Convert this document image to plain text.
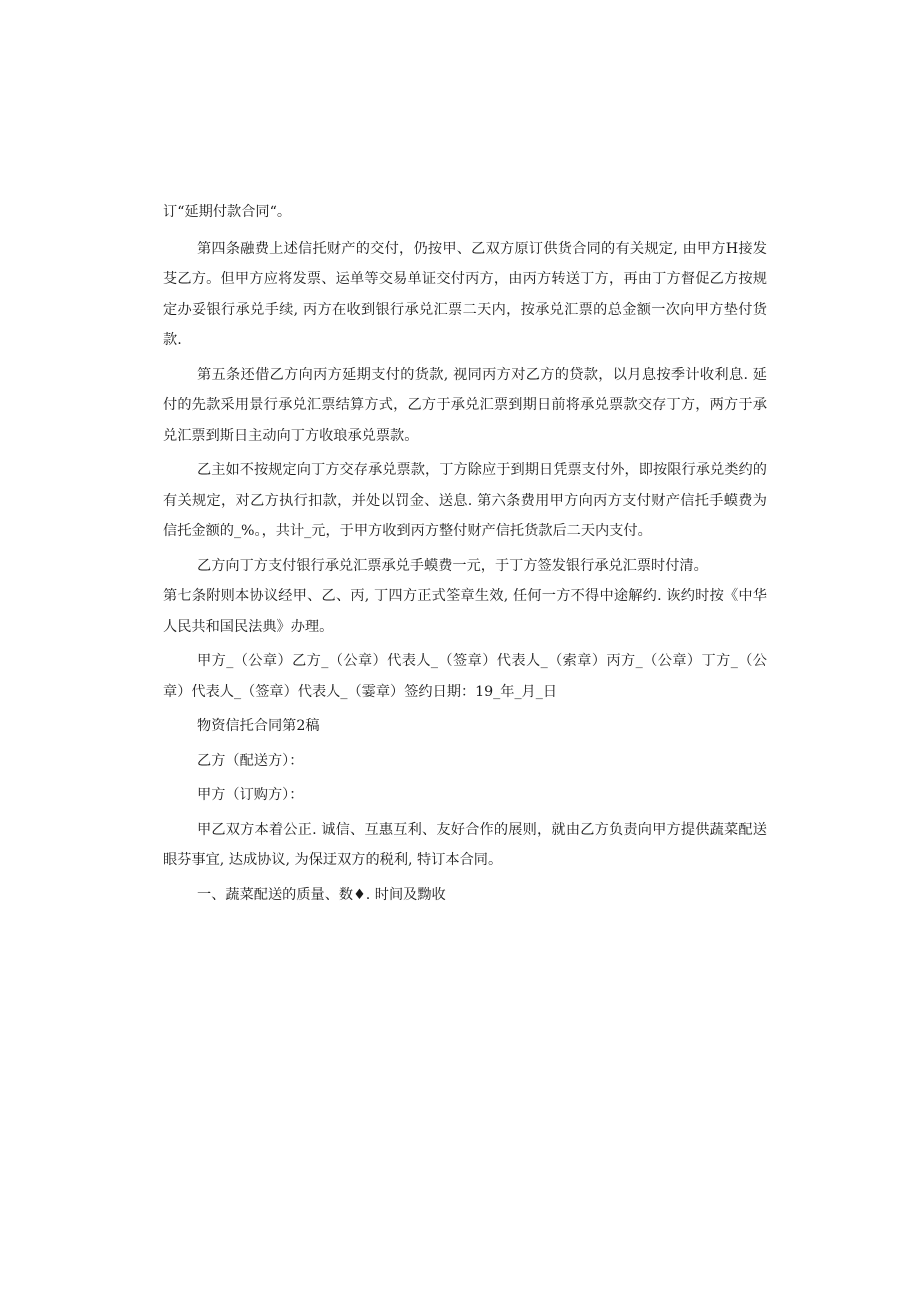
订“延期付款合同“。

第四条融费上述信托财产的交付，仍按甲、乙双方原订供货合同的有关规定, 由甲方H接发芟乙方。但甲方应将发票、运单等交易单证交付丙方，由丙方转送丁方，再由丁方督促乙方按规定办妥银行承兑手续, 丙方在收到银行承兑汇票二天内，按承兑汇票的总金额一次向甲方垫付货款.

第五条还借乙方向丙方延期支付的货款, 视同丙方对乙方的贷款，以月息按季计收利息. 延付的先款采用景行承兑汇票结算方式，乙方于承兑汇票到期日前将承兑票款交存丁方，两方于承兑汇票到斯日主动向丁方收琅承兑票款。

乙主如不按规定向丁方交存承兑票款，丁方除应于到期日凭票支付外，即按限行承兑类约的有关规定，对乙方执行扣款，并处以罚金、送息. 第六条费用甲方向丙方支付财产信托手蟆费为信托金额的_%。，共计_元，于甲方收到丙方整付财产信托货款后二天内支付。

乙方向丁方支付银行承兑汇票承兑手蟆费一元，于丁方签发银行承兑汇票时付清。

第七条附则本协议经甲、乙、丙, 丁四方正式筌章生效, 任何一方不得中途解约. 诙约时按《中华人民共和国民法典》办理。

甲方_（公章）乙方_（公章）代表人_（签章）代表人_（索章）丙方_（公章）丁方_（公章）代表人_（签章）代表人_（霎章）签约日期：19_年_月_日

物资信托合同第2稿

乙方（配送方）：

甲方（订购方）：

甲乙双方本着公正. 诚信、互惠互利、友好合作的展则，就由乙方负责向甲方提供蔬菜配送眼芬事宜, 达成协议, 为保迂双方的税利, 特订本合同。

一、蔬菜配送的质量、数♦. 时间及黝收
